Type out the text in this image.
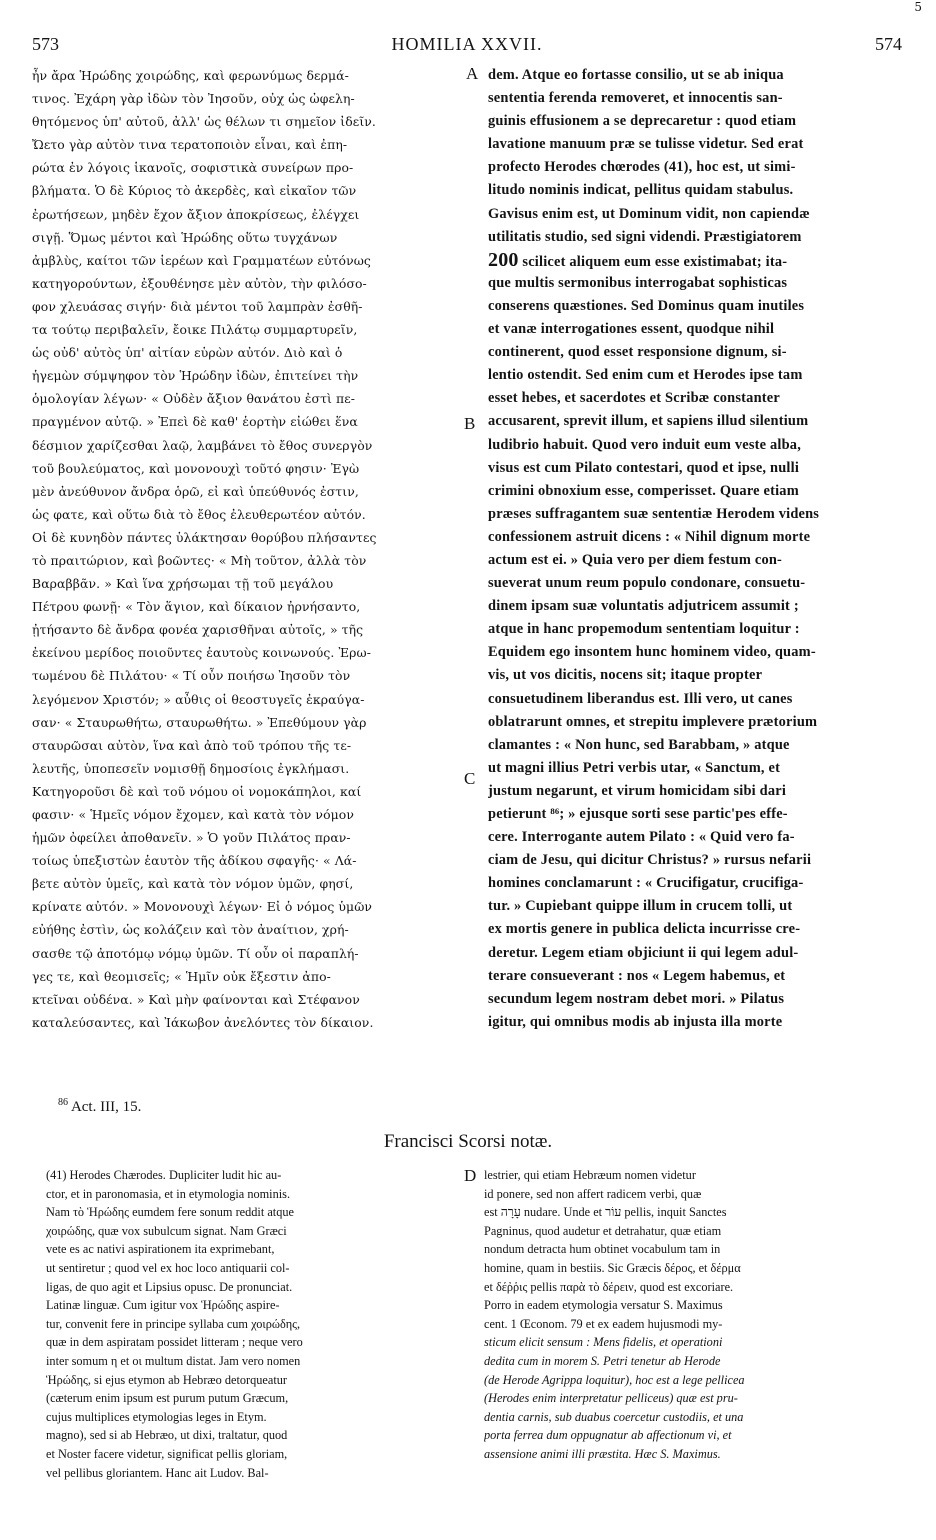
5
573	HOMILIA XXVII.	574
ἦν ἄρα Ἡρώδης χοιρώδης, καὶ φερωνύμως δερμά-
τινος. Ἐχάρη γὰρ ἰδὼν τὸν Ἰησοῦν, οὐχ ὡς ὠφελη-
θητόμενος ὑπ' αὐτοῦ, ἀλλ' ὡς θέλων τι σημεῖον ἰδεῖν.
Ὤετο γὰρ αὐτὸν τινα τερατοποιὸν εἶναι, καὶ ἐπη-
ρώτα ἐν λόγοις ἱκανοῖς, σοφιστικὰ συνείρων προ-
βλήματα. Ὁ δὲ Κύριος τὸ ἀκερδὲς, καὶ εἰκαῖον τῶν
ἐρωτήσεων, μηδὲν ἔχον ἄξιον ἀποκρίσεως, ἐλέγχει
σιγῇ. Ὅμως μέντοι καὶ Ἡρώδης οὕτω τυγχάνων
ἀμβλὺς, καίτοι τῶν ἱερέων καὶ Γραμματέων εὐτόνως
κατηγορούντων, ἐξουθένησε μὲν αὐτὸν, τὴν φιλόσο-
φον χλευάσας σιγήν· διὰ μέντοι τοῦ λαμπρὰν ἐσθῆ-
τα τούτῳ περιβαλεῖν, ἔοικε Πιλάτῳ συμμαρτυρεῖν,
ὡς οὐδ' αὐτὸς ὑπ' αἰτίαν εὑρὼν αὐτόν. Διὸ καὶ ὁ
ἡγεμὼν σύμψηφον τὸν Ἡρώδην ἰδὼν, ἐπιτείνει τὴν
ὁμολογίαν λέγων· « Οὐδὲν ἄξιον θανάτου ἐστὶ πε-
πραγμένον αὐτῷ. » Ἐπεὶ δὲ καθ' ἑορτὴν εἰώθει ἕνα
δέσμιον χαρίζεσθαι λαῷ, λαμβάνει τὸ ἔθος συνεργὸν
τοῦ βουλεύματος, καὶ μονονουχὶ τοῦτό φησιν· Ἐγὼ
μὲν ἀνεύθυνον ἄνδρα ὁρῶ, εἰ καὶ ὑπεύθυνός ἐστιν,
ὡς φατε, καὶ οὕτω διὰ τὸ ἔθος ἐλευθερωτέον αὐτόν.
Οἱ δὲ κυνηδὸν πάντες ὑλάκτησαν θορύβου πλήσαντες
τὸ πραιτώριον, καὶ βοῶντες· « Μὴ τοῦτον, ἀλλὰ τὸν
Βαραββᾶν. » Καὶ ἵνα χρήσωμαι τῇ τοῦ μεγάλου
Πέτρου φωνῇ· « Τὸν ἅγιον, καὶ δίκαιον ἠρνήσαντο,
ᾐτήσαντο δὲ ἄνδρα φονέα χαρισθῆναι αὐτοῖς, » τῆς
ἐκείνου μερίδος ποιοῦντες ἑαυτοὺς κοινωνούς. Ἐρω-
τωμένου δὲ Πιλάτου· « Τί οὖν ποιήσω Ἰησοῦν τὸν
λεγόμενον Χριστόν; » αὖθις οἱ θεοστυγεῖς ἐκραύγα-
σαν· « Σταυρωθήτω, σταυρωθήτω. » Ἐπεθύμουν γὰρ
σταυρῶσαι αὐτὸν, ἵνα καὶ ἀπὸ τοῦ τρόπου τῆς τε-
λευτῆς, ὑποπεσεῖν νομισθῇ δημοσίοις ἐγκλήμασι.
Κατηγοροῦσι δὲ καὶ τοῦ νόμου οἱ νομοκάπηλοι, καί
φασιν· « Ἡμεῖς νόμον ἔχομεν, καὶ κατὰ τὸν νόμον
ἡμῶν ὀφείλει ἀποθανεῖν. » Ὁ γοῦν Πιλάτος πραν-
τοίως ὑπεξιστὼν ἑαυτὸν τῆς ἀδίκου σφαγῆς· « Λά-
βετε αὐτὸν ὑμεῖς, καὶ κατὰ τὸν νόμον ὑμῶν, φησί,
κρίνατε αὐτόν. » Μονονουχὶ λέγων· Εἰ ὁ νόμος ὑμῶν
εὐήθης ἐστὶν, ὡς κολάζειν καὶ τὸν ἀναίτιον, χρή-
σασθε τῷ ἀποτόμῳ νόμῳ ὑμῶν. Τί οὖν οἱ παραπλή-
γες τε, καὶ θεομισεῖς; « Ἡμῖν οὐκ ἔξεστιν ἀπο-
κτεῖναι οὐδένα. » Καὶ μὴν φαίνονται καὶ Στέφανον
καταλεύσαντες, καὶ Ἰάκωβον ἀνελόντες τὸν δίκαιον.
dem. Atque eo fortasse consilio, ut se ab iniqua
sententia ferenda removeret, et innocentis san-
guinis effusionem a se deprecaretur : quod etiam
lavatione manuum præ se tulisse videtur. Sed erat
profecto Herodes chœrodes (41), hoc est, ut simi-
litudo nominis indicat, pellitus quidam stabulus.
Gavisus enim est, ut Dominum vidit, non capiendæ
utilitatis studio, sed signi videndi. Præstigiatorem
200 scilicet aliquem eum esse existimabat; ita-
que multis sermonibus interrogabat sophisticas
conserens quæstiones. Sed Dominus quam inutiles
et vanæ interrogationes essent, quodque nihil
continerent, quod esset responsione dignum, si-
lentio ostendit. Sed enim cum et Herodes ipse tam
esset hebes, et sacerdotes et Scribæ constanter
accusarent, sprevit illum, et sapiens illud silentium
ludibrio habuit. Quod vero induit eum veste alba,
visus est cum Pilato contestari, quod et ipse, nulli
crimini obnoxium esse, comperisset. Quare etiam
præses suffragantem suæ sententiæ Herodem videns
confessionem astruit dicens : « Nihil dignum morte
actum est ei. » Quia vero per diem festum con-
sueverat unum reum populo condonare, consuetu-
dinem ipsam suæ voluntatis adjutricem assumit ;
atque in hanc propemodum sententiam loquitur :
Equidem ego insontem hunc hominem video, quam-
vis, ut vos dicitis, nocens sit; itaque propter
consuetudinem liberandus est. Illi vero, ut canes
oblatrarunt omnes, et strepitu implevere prætorium
clamantes : « Non hunc, sed Barabbam, » atque
ut magni illius Petri verbis utar, « Sanctum, et
justum negarunt, et virum homicidam sibi dari
petierunt ⁸⁶; » ejusque sorti sese partic'pes effe-
cere. Interrogante autem Pilato : « Quid vero fa-
ciam de Jesu, qui dicitur Christus? » rursus nefarii
homines conclamarunt : « Crucifigatur, crucifiga-
tur. » Cupiebant quippe illum in crucem tolli, ut
ex mortis genere in publica delicta incurrisse cre-
deretur. Legem etiam objiciunt ii qui legem adul-
terare consueverant : nos « Legem habemus, et
secundum legem nostram debet mori. » Pilatus
igitur, qui omnibus modis ab injusta illa morte
A
B
C
D
$^{86}$ Act. III, 15.
Francisci Scorsi notæ.
(41) Herodes Chærodes. Dupliciter ludit hic au-
ctor, et in paronomasia, et in etymologia nominis.
Nam τὸ Ἡρώδης eumdem fere sonum reddit atque
χοιρώδης, quæ vox subulcum signat. Nam Græci
vete es ac nativi aspirationem ita exprimebant,
ut sentiretur ; quod vel ex hoc loco antiquarii col-
ligas, de quo agit et Lipsius opusc. De pronunciat.
Latinæ linguæ. Cum igitur vox Ἡρώδης aspire-
tur, convenit fere in principe syllaba cum χοιρώδης,
quæ in dem aspiratam possidet litteram ; neque vero
inter somum η et οι multum distat. Jam vero nomen
Ἡρώδης, si ejus etymon ab Hebræo detorqueatur
(cæterum enim ipsum est purum putum Græcum,
cujus multiplices etymologias leges in Etym.
magno), sed si ab Hebræo, ut dixi, traltatur, quod
et Noster facere videtur, significat pellis gloriam,
vel pellibus gloriantem. Hanc ait Ludov. Bal-
lestrier, qui etiam Hebræum nomen videtur
id ponere, sed non affert radicem verbi, quæ
est עָרָה nudare. Unde et עוֹר pellis, inquit Sanctes
Pagninus, quod audetur et detrahatur, quæ etiam
nondum detracta hum obtinet vocabulum tam in
homine, quam in bestiis. Sic Græcis δέρος, et δέρμα
et δέῤῥις pellis παρὰ τὸ δέρειν, quod est excoriare.
Porro in eadem etymologia versatur S. Maximus
cent. 1 Œconom. 79 et ex eadem hujusmodi my-
sticum elicit sensum : Mens fidelis, et operationi
dedita cum in morem S. Petri tenetur ab Herode
(de Herode Agrippa loquitur), hoc est a lege pellicea
(Herodes enim interpretatur pelliceus) quæ est pru-
dentia carnis, sub duabus coercetur custodiis, et una
porta ferrea dum oppugnatur ab affectionum vi, et
assensione animi illi præstita. Hæc S. Maximus.
